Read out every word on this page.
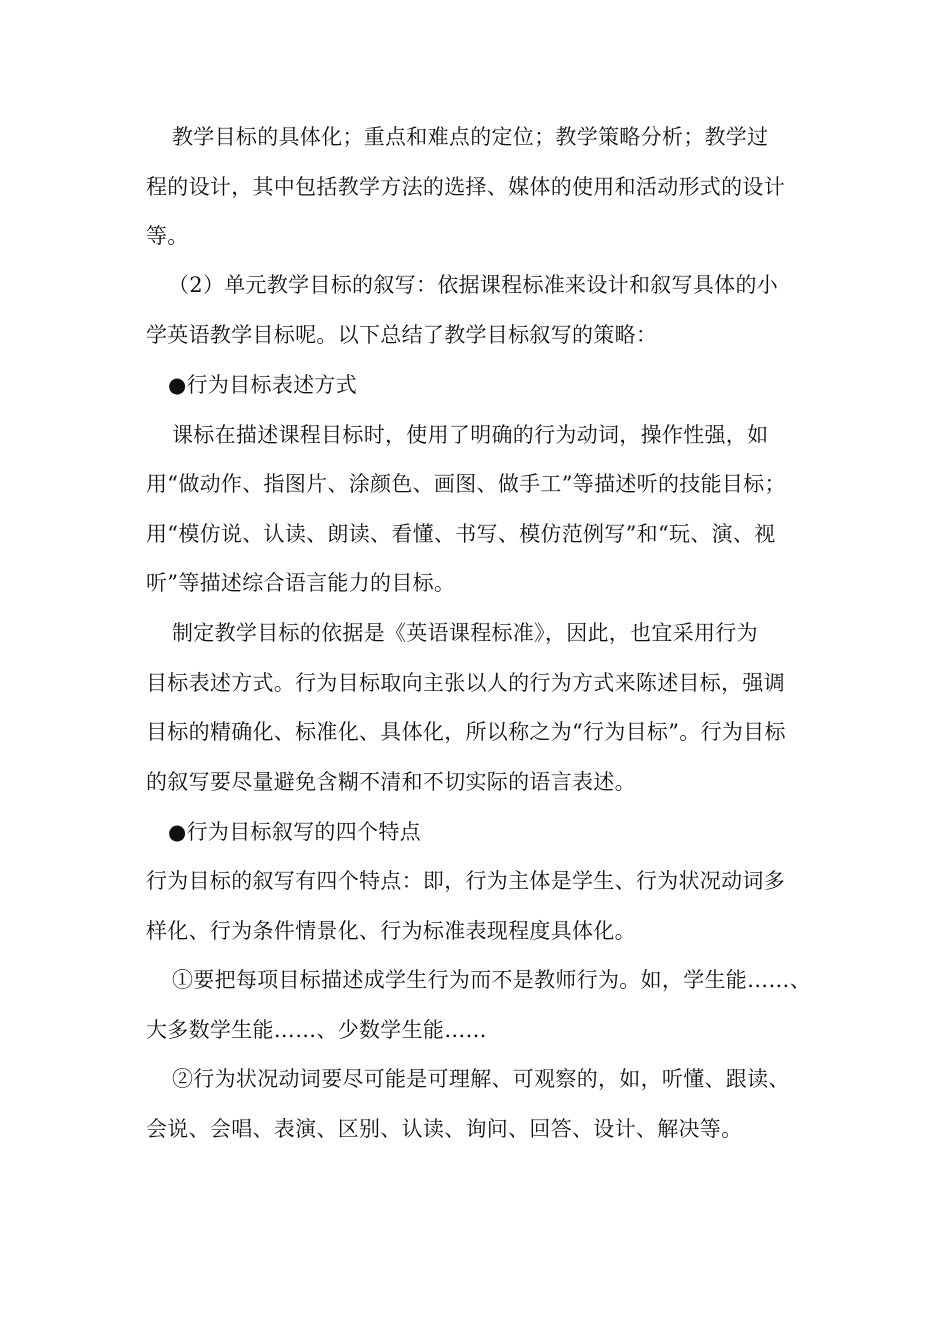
教学目标的具体化；重点和难点的定位；教学策略分析；教学过
程的设计，其中包括教学方法的选择、媒体的使用和活动形式的设计
等。
（2）单元教学目标的叙写：依据课程标准来设计和叙写具体的小
学英语教学目标呢。以下总结了教学目标叙写的策略：
●行为目标表述方式
课标在描述课程目标时，使用了明确的行为动词，操作性强，如
用“做动作、指图片、涂颜色、画图、做手工”等描述听的技能目标；
用“模仿说、认读、朗读、看懂、书写、模仿范例写”和“玩、演、视
听”等描述综合语言能力的目标。
制定教学目标的依据是《英语课程标准》，因此，也宜采用行为
目标表述方式。行为目标取向主张以人的行为方式来陈述目标，强调
目标的精确化、标准化、具体化，所以称之为“行为目标”。行为目标
的叙写要尽量避免含糊不清和不切实际的语言表述。
●行为目标叙写的四个特点
行为目标的叙写有四个特点：即，行为主体是学生、行为状况动词多
样化、行为条件情景化、行为标准表现程度具体化。
①要把每项目标描述成学生行为而不是教师行为。如，学生能……、
大多数学生能……、少数学生能……
②行为状况动词要尽可能是可理解、可观察的，如，听懂、跟读、
会说、会唱、表演、区别、认读、询问、回答、设计、解决等。
